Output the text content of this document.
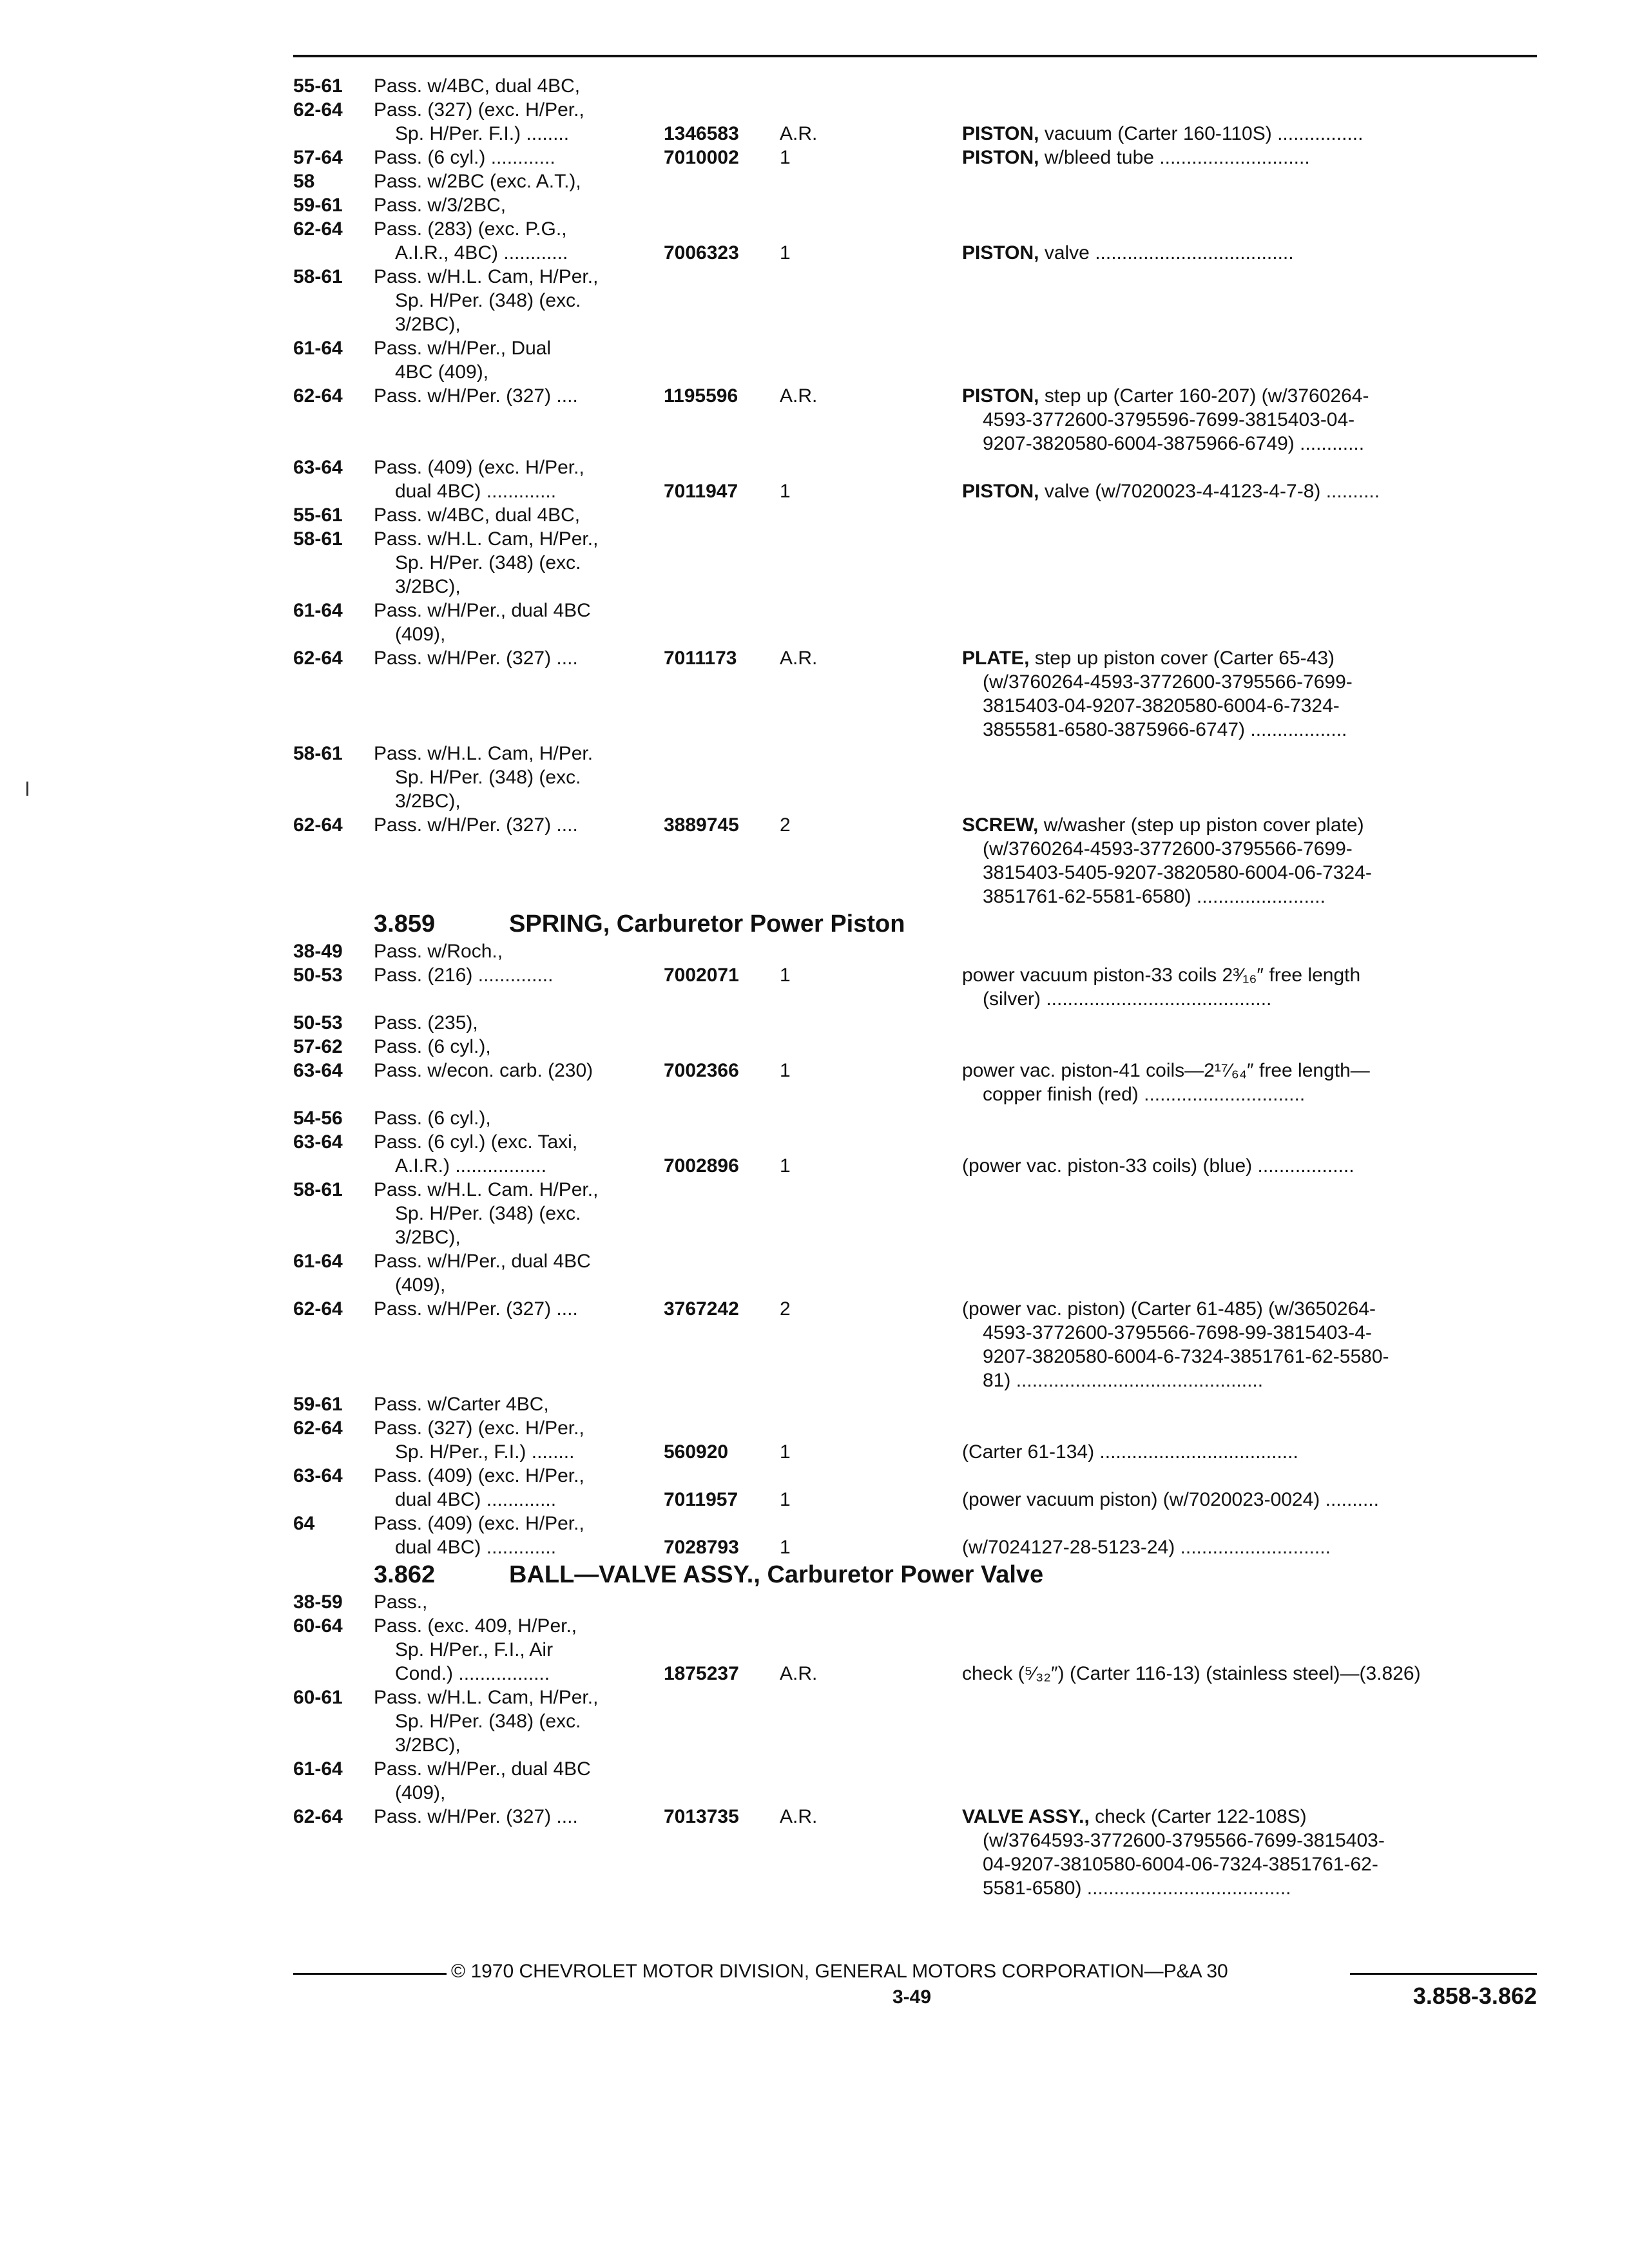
55-61	Pass. w/4BC, dual 4BC,
62-64	Pass. (327) (exc. H/Per.,
Sp. H/Per. F.I.) ........	1346583	A.R.	PISTON, vacuum (Carter 160-110S) ................
57-64	Pass. (6 cyl.) ............	7010002	1	PISTON, w/bleed tube ............................
58	Pass. w/2BC (exc. A.T.),
59-61	Pass. w/3/2BC,
62-64	Pass. (283) (exc. P.G.,
A.I.R., 4BC) ............	7006323	1	PISTON, valve .....................................
58-61	Pass. w/H.L. Cam, H/Per.,
Sp. H/Per. (348) (exc.
3/2BC),
61-64	Pass. w/H/Per., Dual
4BC (409),
62-64	Pass. w/H/Per. (327) ....	1195596	A.R.	PISTON, step up (Carter 160-207) (w/3760264-
4593-3772600-3795596-7699-3815403-04-
9207-3820580-6004-3875966-6749) ............
63-64	Pass. (409) (exc. H/Per.,
dual 4BC) .............	7011947	1	PISTON, valve (w/7020023-4-4123-4-7-8) ..........
55-61	Pass. w/4BC, dual 4BC,
58-61	Pass. w/H.L. Cam, H/Per.,
Sp. H/Per. (348) (exc.
3/2BC),
61-64	Pass. w/H/Per., dual 4BC
(409),
62-64	Pass. w/H/Per. (327) ....	7011173	A.R.	PLATE, step up piston cover (Carter 65-43)
(w/3760264-4593-3772600-3795566-7699-
3815403-04-9207-3820580-6004-6-7324-
3855581-6580-3875966-6747) ..................
58-61	Pass. w/H.L. Cam, H/Per.
Sp. H/Per. (348) (exc.
3/2BC),
62-64	Pass. w/H/Per. (327) ....	3889745	2	SCREW, w/washer (step up piston cover plate)
(w/3760264-4593-3772600-3795566-7699-
3815403-5405-9207-3820580-6004-06-7324-
3851761-62-5581-6580) ........................
3.859	SPRING, Carburetor Power Piston
38-49	Pass. w/Roch.,
50-53	Pass. (216) ..............	7002071	1	power vacuum piston-33 coils 2³⁄₁₆″ free length
(silver) ..........................................
50-53	Pass. (235),
57-62	Pass. (6 cyl.),
63-64	Pass. w/econ. carb. (230)	7002366	1	power vac. piston-41 coils—2¹⁷⁄₆₄″ free length—
copper finish (red) ..............................
54-56	Pass. (6 cyl.),
63-64	Pass. (6 cyl.) (exc. Taxi,
A.I.R.) .................	7002896	1	(power vac. piston-33 coils) (blue) ..................
58-61	Pass. w/H.L. Cam. H/Per.,
Sp. H/Per. (348) (exc.
3/2BC),
61-64	Pass. w/H/Per., dual 4BC
(409),
62-64	Pass. w/H/Per. (327) ....	3767242	2	(power vac. piston) (Carter 61-485) (w/3650264-
4593-3772600-3795566-7698-99-3815403-4-
9207-3820580-6004-6-7324-3851761-62-5580-
81) ..............................................
59-61	Pass. w/Carter 4BC,
62-64	Pass. (327) (exc. H/Per.,
Sp. H/Per., F.I.) ........	560920	1	(Carter 61-134) .....................................
63-64	Pass. (409) (exc. H/Per.,
dual 4BC) .............	7011957	1	(power vacuum piston) (w/7020023-0024) ..........
64	Pass. (409) (exc. H/Per.,
dual 4BC) .............	7028793	1	(w/7024127-28-5123-24) ............................
3.862	BALL—VALVE ASSY., Carburetor Power Valve
38-59	Pass.,
60-64	Pass. (exc. 409, H/Per.,
Sp. H/Per., F.I., Air
Cond.) .................	1875237	A.R.	check (⁵⁄₃₂″) (Carter 116-13) (stainless steel)—(3.826)
60-61	Pass. w/H.L. Cam, H/Per.,
Sp. H/Per. (348) (exc.
3/2BC),
61-64	Pass. w/H/Per., dual 4BC
(409),
62-64	Pass. w/H/Per. (327) ....	7013735	A.R.	VALVE ASSY., check (Carter 122-108S)
(w/3764593-3772600-3795566-7699-3815403-
04-9207-3810580-6004-06-7324-3851761-62-
5581-6580) ......................................
© 1970 CHEVROLET MOTOR DIVISION, GENERAL MOTORS CORPORATION—P&A 30
3-49	3.858-3.862
